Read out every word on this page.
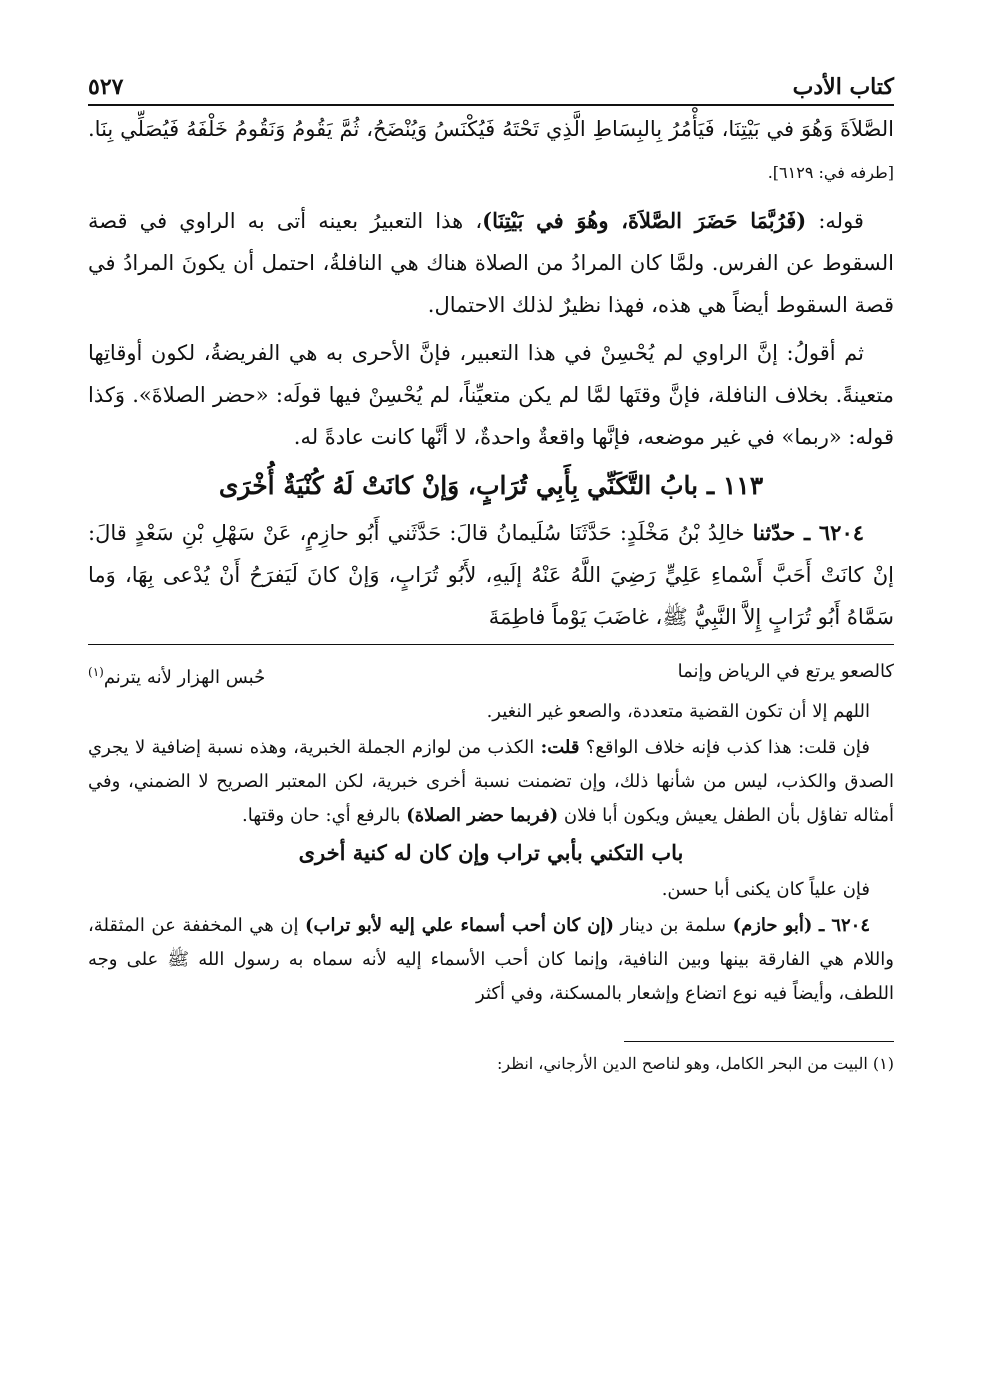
كتاب الأدب
٥٢٧

الصَّلاَةَ وَهُوَ في بَيْتِنَا، فَيَأْمُرُ بِالبِسَاطِ الَّذِي تَحْتَهُ فَيُكْنَسُ وَيُنْضَحُ، ثُمَّ يَقُومُ وَنَقُومُ خَلْفَهُ فَيُصَلِّي بِنَا. [طرفه في: ٦١٢٩].

قوله: (فَرُبَّمَا حَضَرَ الصَّلاَةَ، وهُوَ في بَيْتِنَا)، هذا التعبيرُ بعينه أتى به الراوي في قصة السقوط عن الفرس. ولمَّا كان المرادُ من الصلاة هناك هي النافلةُ، احتمل أن يكونَ المرادُ في قصة السقوط أيضاً هي هذه، فهذا نظيرٌ لذلك الاحتمال.

ثم أقولُ: إنَّ الراوي لم يُحْسِنْ في هذا التعبير، فإنَّ الأحرى به هي الفريضةُ، لكون أوقاتِها متعينةً. بخلاف النافلة، فإنَّ وقتَها لمَّا لم يكن متعيِّناً، لم يُحْسِنْ فيها قولَه: «حضر الصلاةَ». وَكذا قوله: «ربما» في غير موضعه، فإنَّها واقعةٌ واحدةٌ، لا أنَّها كانت عادةً له.

١١٣ ـ بابُ التَّكَنِّي بِأَبِي تُرَابٍ، وَإنْ كانَتْ لَهُ كُنْيَةٌ أُخْرَى

٦٢٠٤ ـ حدّثنا خالِدُ بْنُ مَخْلَدٍ: حَدَّثَنَا سُلَيمانُ قالَ: حَدَّثَني أَبُو حازِمٍ، عَنْ سَهْلِ بْنِ سَعْدٍ قالَ: إنْ كانَتْ أَحَبَّ أَسْماءِ عَلِيٍّ رَضِيَ اللَّهُ عَنْهُ إلَيهِ، لأَبُو تُرَابٍ، وَإنْ كانَ لَيَفرَحُ أَنْ يُدْعى بِهَا، وَما سَمَّاهُ أَبُو تُرَابٍ إِلاَّ النَّبِيُّ ﷺ، غاضَبَ يَوْماً فاطِمَةَ

كالصعو يرتع في الرياض وإنما
حُبس الهزار لأنه يترنم$^{(١)}$

اللهم إلا أن تكون القضية متعددة، والصعو غير النغير.

فإن قلت: هذا كذب فإنه خلاف الواقع؟ قلت: الكذب من لوازم الجملة الخبرية، وهذه نسبة إضافية لا يجري الصدق والكذب، ليس من شأنها ذلك، وإن تضمنت نسبة أخرى خبرية، لكن المعتبر الصريح لا الضمني، وفي أمثاله تفاؤل بأن الطفل يعيش ويكون أبا فلان (فربما حضر الصلاة) بالرفع أي: حان وقتها.

باب التكني بأبي تراب وإن كان له كنية أخرى

فإن علياً كان يكنى أبا حسن.

٦٢٠٤ ـ (أبو حازم) سلمة بن دينار (إن كان أحب أسماء علي إليه لأبو تراب) إن هي المخففة عن المثقلة، واللام هي الفارقة بينها وبين النافية، وإنما كان أحب الأسماء إليه لأنه سماه به رسول الله ﷺ على وجه اللطف، وأيضاً فيه نوع اتضاع وإشعار بالمسكنة، وفي أكثر

(١) البيت من البحر الكامل، وهو لناصح الدين الأرجاني، انظر:
